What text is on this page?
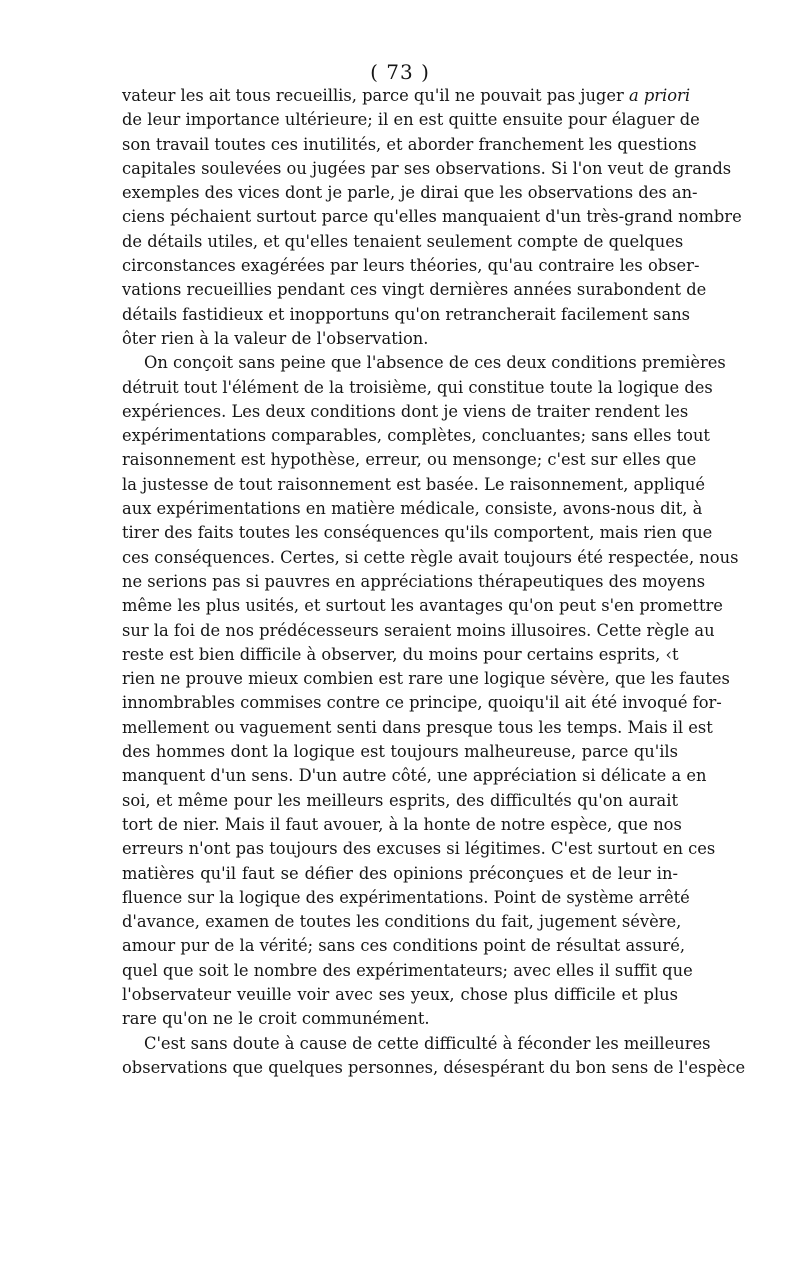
( 73 )
vateur les ait tous recueillis, parce qu'il ne pouvait pas juger a priori
de leur importance ultérieure; il en est quitte ensuite pour élaguer de
son travail toutes ces inutilités, et aborder franchement les questions
capitales soulevées ou jugées par ses observations. Si l'on veut de grands
exemples des vices dont je parle, je dirai que les observations des an-
ciens péchaient surtout parce qu'elles manquaient d'un très-grand nombre
de détails utiles, et qu'elles tenaient seulement compte de quelques
circonstances exagérées par leurs théories, qu'au contraire les obser-
vations recueillies pendant ces vingt dernières années surabondent de
détails fastidieux et inopportuns qu'on retrancherait facilement sans
ôter rien à la valeur de l'observation.
On conçoit sans peine que l'absence de ces deux conditions premières
détruit tout l'élément de la troisième, qui constitue toute la logique des
expériences. Les deux conditions dont je viens de traiter rendent les
expérimentations comparables, complètes, concluantes; sans elles tout
raisonnement est hypothèse, erreur, ou mensonge; c'est sur elles que
la justesse de tout raisonnement est basée. Le raisonnement, appliqué
aux expérimentations en matière médicale, consiste, avons-nous dit, à
tirer des faits toutes les conséquences qu'ils comportent, mais rien que
ces conséquences. Certes, si cette règle avait toujours été respectée, nous
ne serions pas si pauvres en appréciations thérapeutiques des moyens
même les plus usités, et surtout les avantages qu'on peut s'en promettre
sur la foi de nos prédécesseurs seraient moins illusoires. Cette règle au
reste est bien difficile à observer, du moins pour certains esprits, ‹t
rien ne prouve mieux combien est rare une logique sévère, que les fautes
innombrables commises contre ce principe, quoiqu'il ait été invoqué for-
mellement ou vaguement senti dans presque tous les temps. Mais il est
des hommes dont la logique est toujours malheureuse, parce qu'ils
manquent d'un sens. D'un autre côté, une appréciation si délicate a en
soi, et même pour les meilleurs esprits, des difficultés qu'on aurait
tort de nier. Mais il faut avouer, à la honte de notre espèce, que nos
erreurs n'ont pas toujours des excuses si légitimes. C'est surtout en ces
matières qu'il faut se défier des opinions préconçues et de leur in-
fluence sur la logique des expérimentations. Point de système arrêté
d'avance, examen de toutes les conditions du fait, jugement sévère,
amour pur de la vérité; sans ces conditions point de résultat assuré,
quel que soit le nombre des expérimentateurs; avec elles il suffit que
l'observateur veuille voir avec ses yeux, chose plus difficile et plus
rare qu'on ne le croit communément.
C'est sans doute à cause de cette difficulté à féconder les meilleures
observations que quelques personnes, désespérant du bon sens de l'espèce
